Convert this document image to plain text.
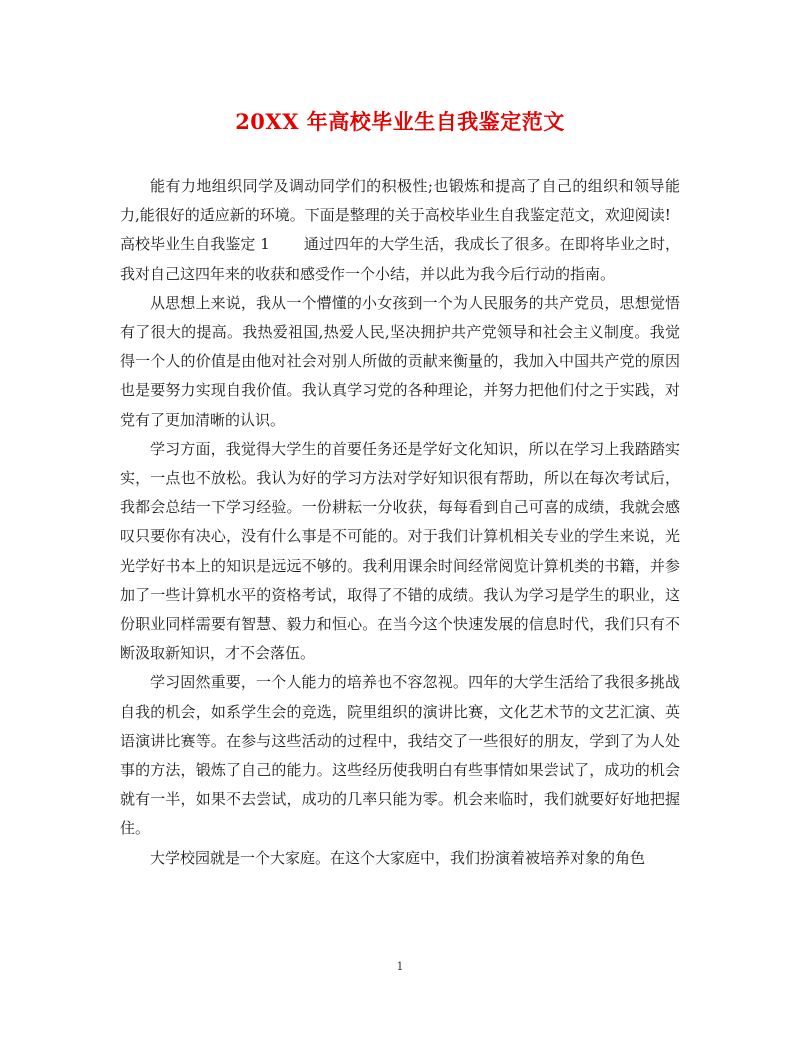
20XX 年高校毕业生自我鉴定范文

能有力地组织同学及调动同学们的积极性;也锻炼和提高了自己的组织和领导能力,能很好的适应新的环境。下面是整理的关于高校毕业生自我鉴定范文，欢迎阅读!

高校毕业生自我鉴定 1 通过四年的大学生活，我成长了很多。在即将毕业之时，我对自己这四年来的收获和感受作一个小结，并以此为我今后行动的指南。

从思想上来说，我从一个懵懂的小女孩到一个为人民服务的共产党员，思想觉悟有了很大的提高。我热爱祖国,热爱人民,坚决拥护共产党领导和社会主义制度。我觉得一个人的价值是由他对社会对别人所做的贡献来衡量的，我加入中国共产党的原因也是要努力实现自我价值。我认真学习党的各种理论，并努力把他们付之于实践，对党有了更加清晰的认识。

学习方面，我觉得大学生的首要任务还是学好文化知识，所以在学习上我踏踏实实，一点也不放松。我认为好的学习方法对学好知识很有帮助，所以在每次考试后，我都会总结一下学习经验。一份耕耘一分收获，每每看到自己可喜的成绩，我就会感叹只要你有决心，没有什么事是不可能的。对于我们计算机相关专业的学生来说，光光学好书本上的知识是远远不够的。我利用课余时间经常阅览计算机类的书籍，并参加了一些计算机水平的资格考试，取得了不错的成绩。我认为学习是学生的职业，这份职业同样需要有智慧、毅力和恒心。在当今这个快速发展的信息时代，我们只有不断汲取新知识，才不会落伍。

学习固然重要，一个人能力的培养也不容忽视。四年的大学生活给了我很多挑战自我的机会，如系学生会的竞选，院里组织的演讲比赛，文化艺术节的文艺汇演、英语演讲比赛等。在参与这些活动的过程中，我结交了一些很好的朋友，学到了为人处事的方法，锻炼了自己的能力。这些经历使我明白有些事情如果尝试了，成功的机会就有一半，如果不去尝试，成功的几率只能为零。机会来临时，我们就要好好地把握住。

大学校园就是一个大家庭。在这个大家庭中，我们扮演着被培养对象的角色

1
